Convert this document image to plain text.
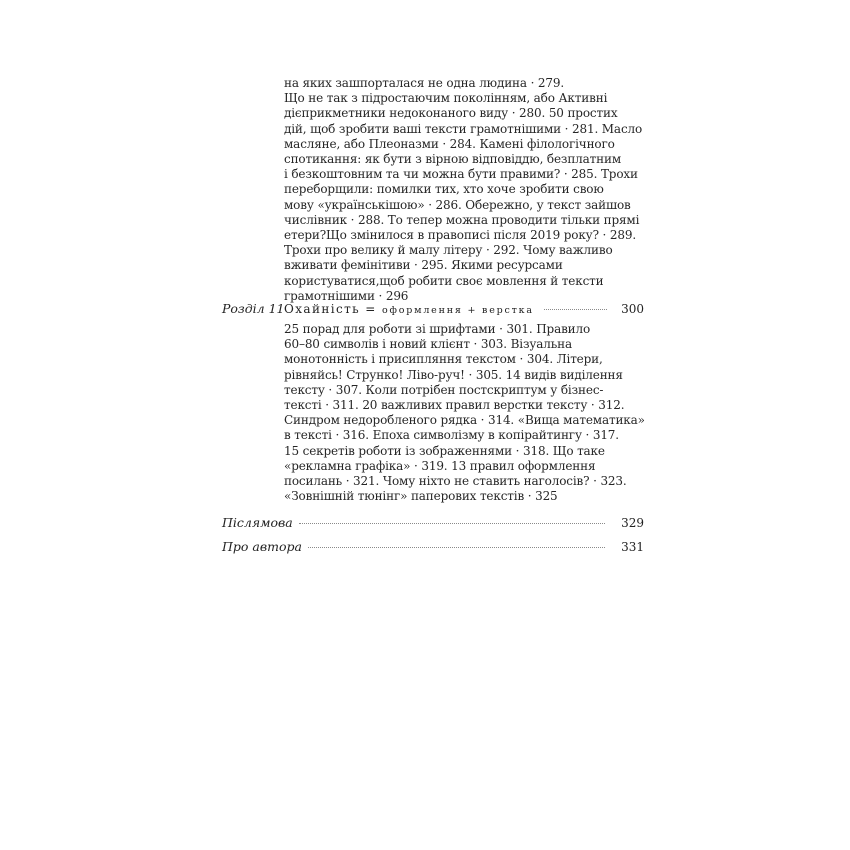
на яких зашпорталася не одна людина · 279.
Що не так з підростаючим поколінням, або Активні
дієприкметники недоконаного виду · 280. 50 простих
дій, щоб зробити ваші тексти грамотнішими · 281. Масло
масляне, або Плеоназми · 284. Камені філологічного
спотикання: як бути з вірною відповіддю, безплатним
і безкоштовним та чи можна бути правими? · 285. Трохи
переборщили: помилки тих, хто хоче зробити свою
мову «українськішою» · 286. Обережно, у текст зайшов
числівник · 288. То тепер можна проводити тільки прямі
етери?Що змінилося в правописі після 2019 року? · 289.
Трохи про велику й малу літеру · 292. Чому важливо
вживати фемінітиви · 295. Якими ресурсами
користуватися,щоб робити своє мовлення й тексти
грамотнішими · 296
Розділ 11 Охайність = оформлення + верстка	300
25 порад для роботи зі шрифтами · 301. Правило
60–80 символів і новий клієнт · 303. Візуальна
монотонність і присипляння текстом · 304. Літери,
рівняйсь! Струнко! Ліво-руч! · 305. 14 видів виділення
тексту · 307. Коли потрібен постскриптум у бізнес-
тексті · 311. 20 важливих правил верстки тексту · 312.
Синдром недоробленого рядка · 314. «Вища математика»
в тексті · 316. Епоха символізму в копірайтингу · 317.
15 секретів роботи із зображеннями · 318. Що таке
«рекламна графіка» · 319. 13 правил оформлення
посилань · 321. Чому ніхто не ставить наголосів? · 323.
«Зовнішній тюнінг» паперових текстів · 325
Післямова	329
Про автора	331
